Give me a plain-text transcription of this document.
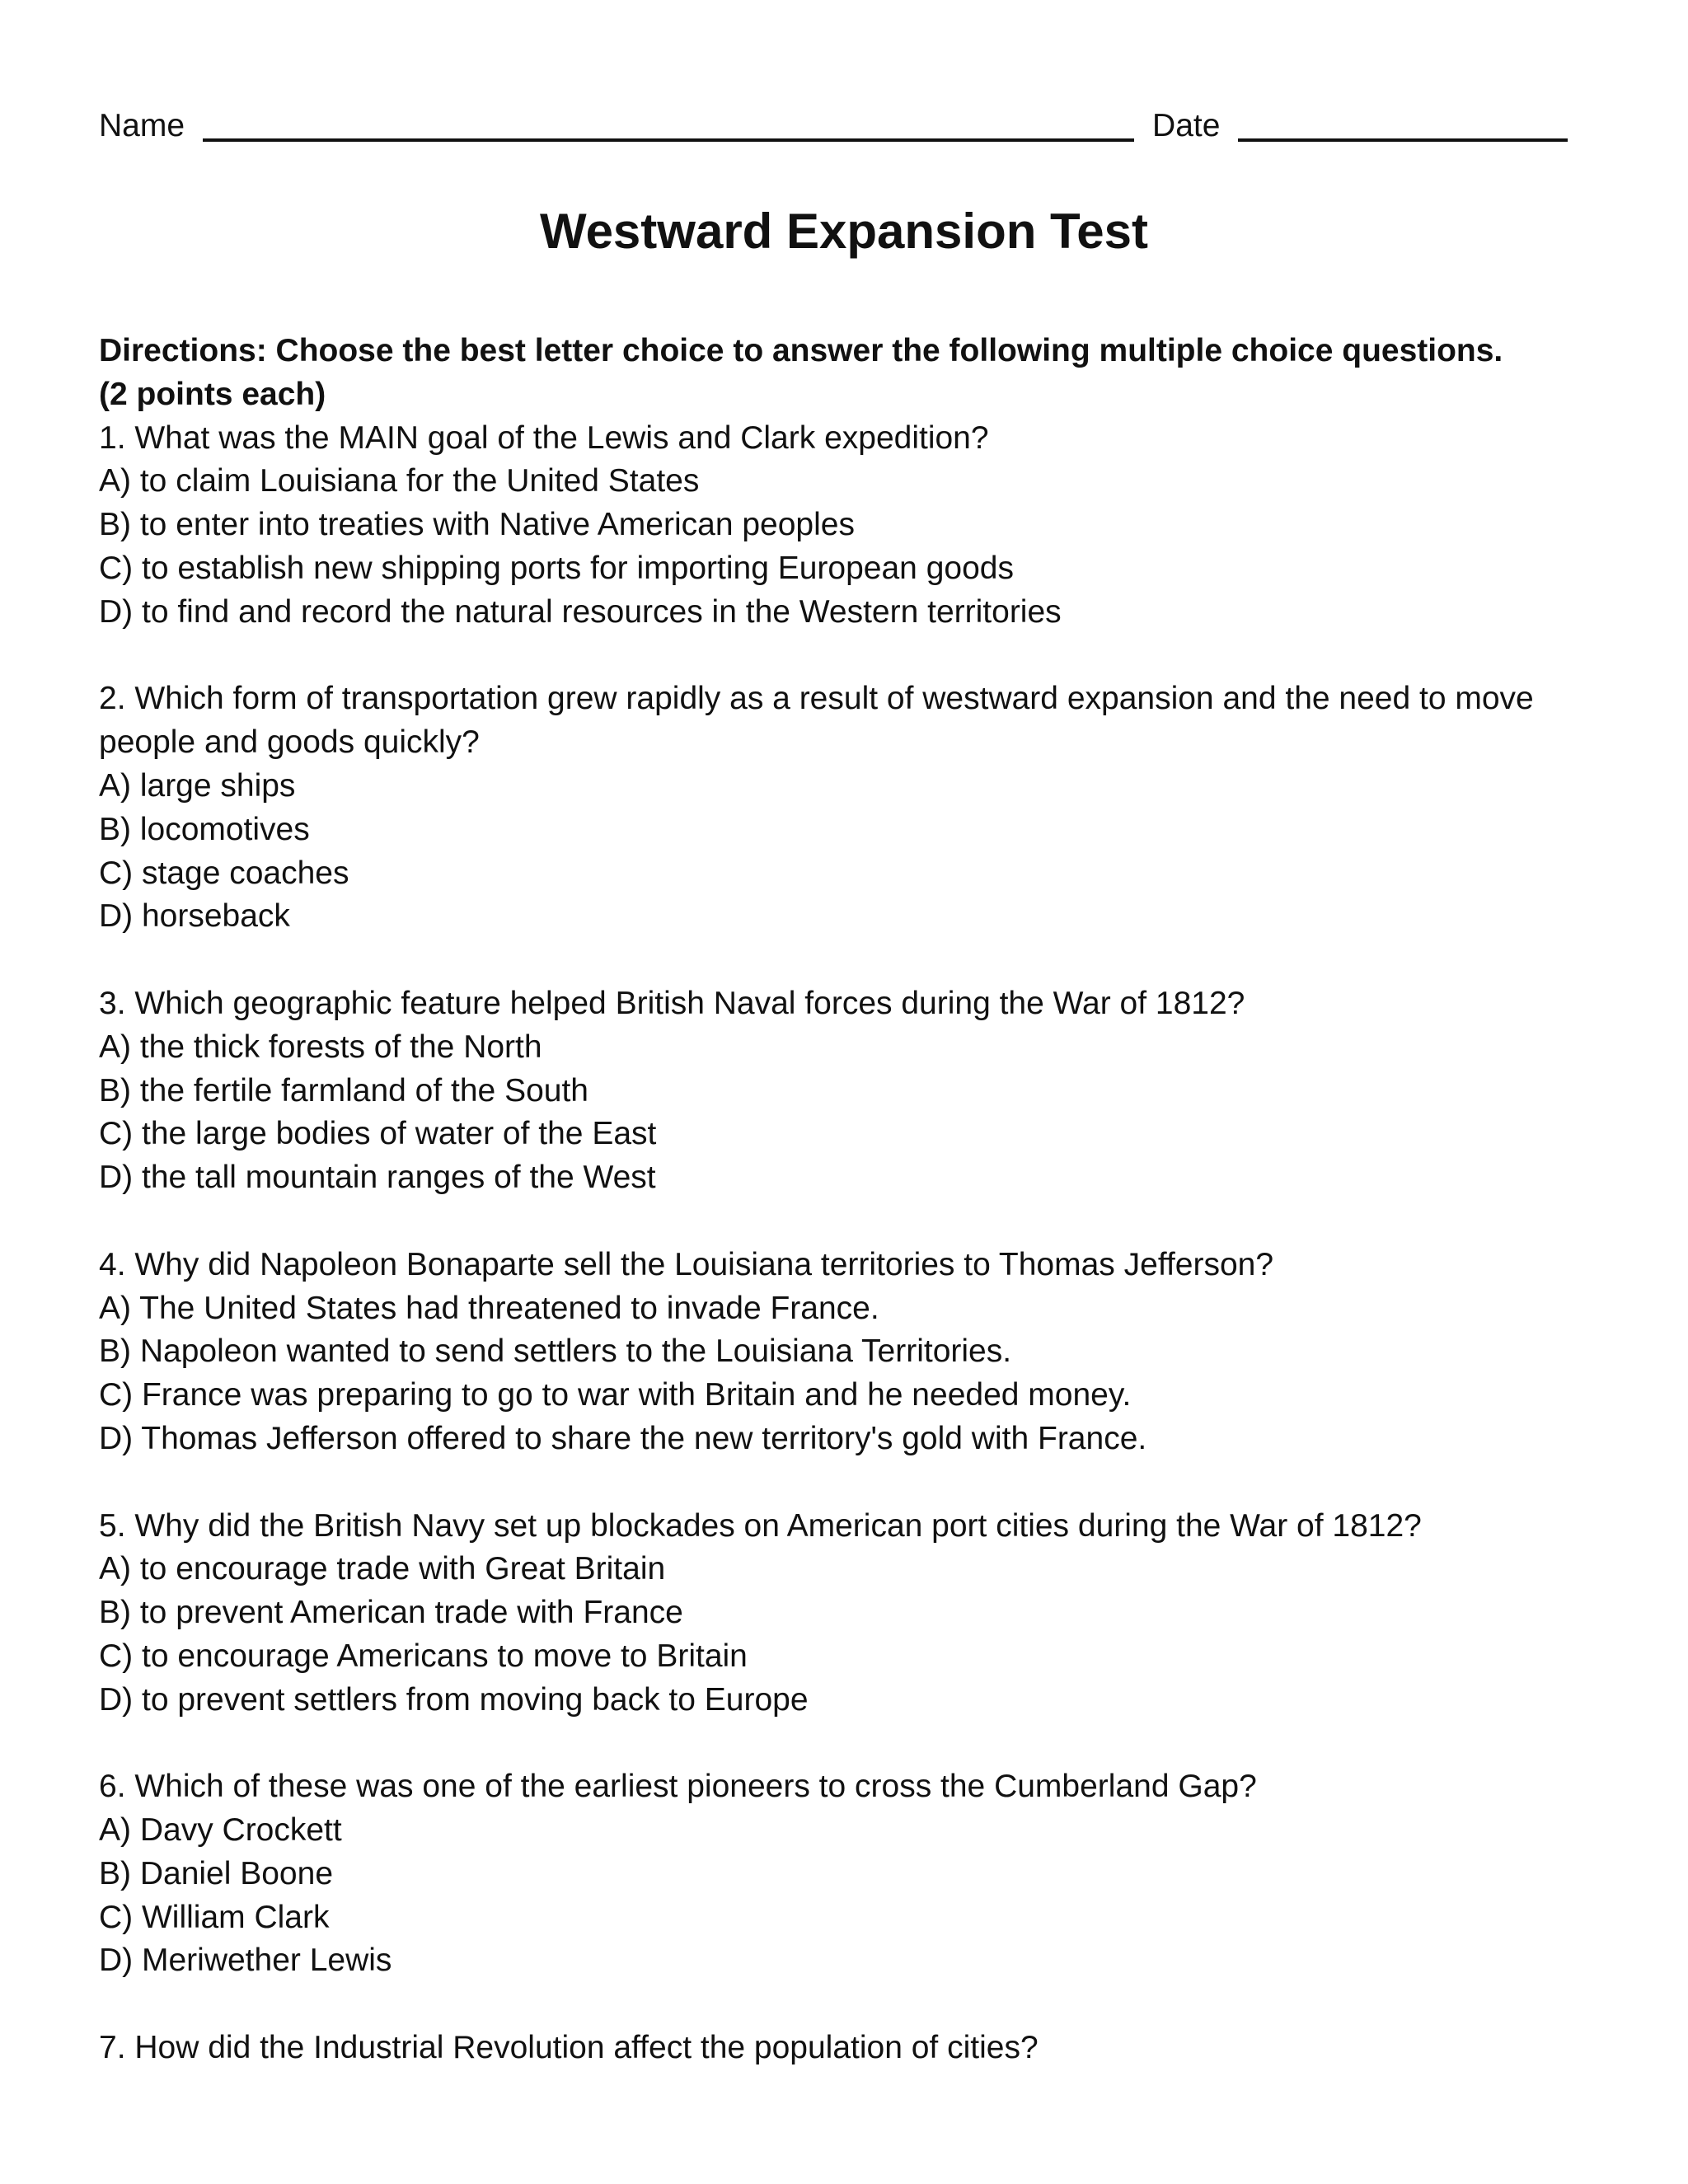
Name	Date
Westward Expansion Test
Directions: Choose the best letter choice to answer the following multiple choice questions.
(2 points each)

1. What was the MAIN goal of the Lewis and Clark expedition?

A) to claim Louisiana for the United States

B) to enter into treaties with Native American peoples

C) to establish new shipping ports for importing European goods

D) to find and record the natural resources in the Western territories

2. Which form of transportation grew rapidly as a result of westward expansion and the need to move people and goods quickly?

A) large ships

B) locomotives

C) stage coaches

D) horseback

3. Which geographic feature helped British Naval forces during the War of 1812?

A) the thick forests of the North

B) the fertile farmland of the South

C) the large bodies of water of the East

D) the tall mountain ranges of the West

4. Why did Napoleon Bonaparte sell the Louisiana territories to Thomas Jefferson?

A) The United States had threatened to invade France.

B) Napoleon wanted to send settlers to the Louisiana Territories.

C) France was preparing to go to war with Britain and he needed money.

D) Thomas Jefferson offered to share the new territory's gold with France.

5. Why did the British Navy set up blockades on American port cities during the War of 1812?

A) to encourage trade with Great Britain

B) to prevent American trade with France

C) to encourage Americans to move to Britain

D) to prevent settlers from moving back to Europe

6. Which of these was one of the earliest pioneers to cross the Cumberland Gap?

A) Davy Crockett

B) Daniel Boone

C) William Clark

D) Meriwether Lewis

7. How did the Industrial Revolution affect the population of cities?
